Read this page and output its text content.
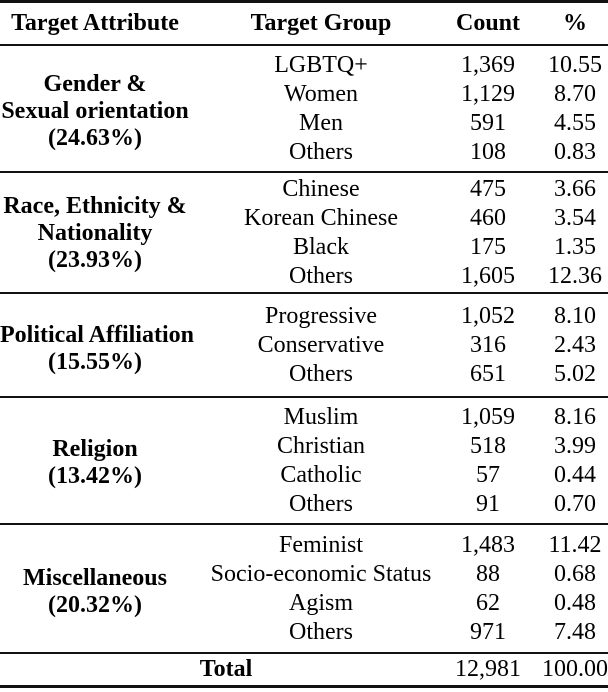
Target Attribute	Target Group	Count	%

Gender &
Sexual orientation
(24.63%)	LGBTQ+	1,369	10.55
	Women	1,129	8.70
	Men	591	4.55
	Others	108	0.83

Race, Ethnicity &
Nationality
(23.93%)	Chinese	475	3.66
	Korean Chinese	460	3.54
	Black	175	1.35
	Others	1,605	12.36

Political Affiliation
(15.55%)	Progressive	1,052	8.10
	Conservative	316	2.43
	Others	651	5.02

Religion
(13.42%)	Muslim	1,059	8.16
	Christian	518	3.99
	Catholic	57	0.44
	Others	91	0.70

Miscellaneous
(20.32%)	Feminist	1,483	11.42
	Socio-economic Status	88	0.68
	Agism	62	0.48
	Others	971	7.48
Total		12,981	100.00
